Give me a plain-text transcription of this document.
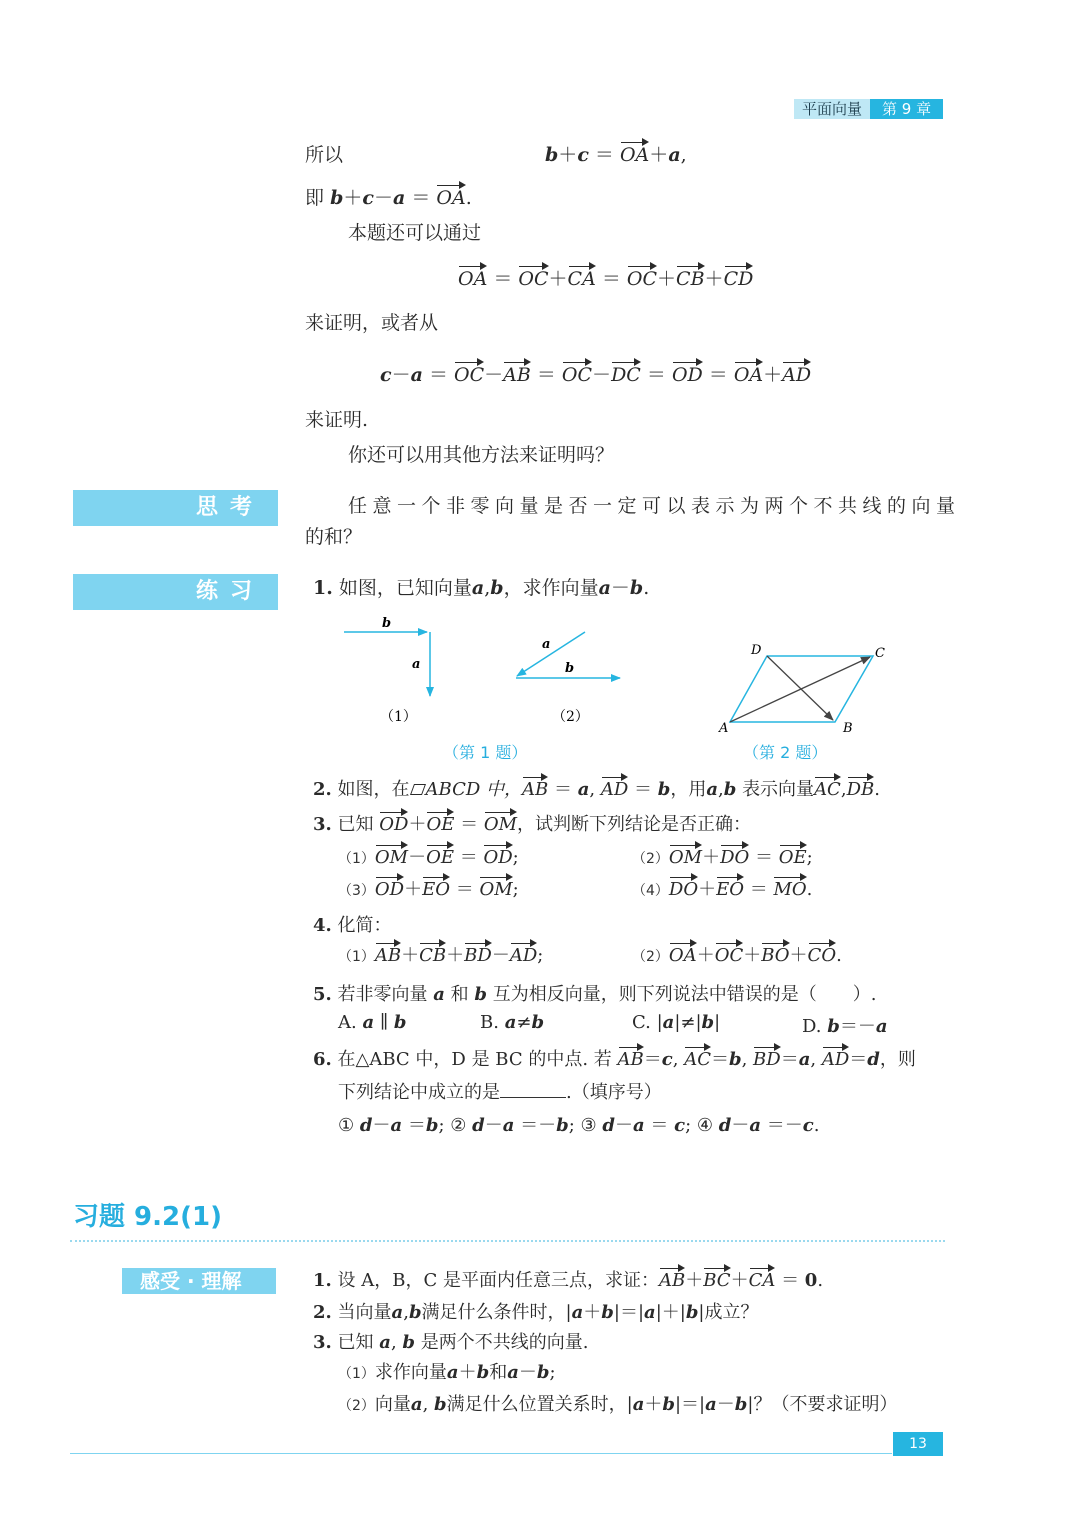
平面向量 第 9 章
所以	b＋c ＝ OA＋a,
即 b＋c－a ＝ OA.
本题还可以通过
OA ＝ OC＋CA ＝ OC＋CB＋CD
来证明，或者从
c－a ＝ OC－AB ＝ OC－DC ＝ OD ＝ OA＋AD
来证明.
你还可以用其他方法来证明吗？
思考	任意一个非零向量是否一定可以表示为两个不共线的向量
的和？
练习	1. 如图，已知向量a,b，求作向量a－b.
b
a
（1）
a
b
（2）
D	C
A	B
（第 1 题）	（第 2 题）
2. 如图，在 ABCD 中，AB ＝ a, AD ＝ b，用a,b 表示向量AC,DB.
3. 已知 OD＋OE ＝ OM，试判断下列结论是否正确：
（1）OM－OE ＝ OD;	（2）OM＋DO ＝ OE;
（3）OD＋EO ＝ OM;	（4）DO＋EO ＝ MO.
4. 化简：
（1）AB＋CB＋BD－AD;	（2）OA＋OC＋BO＋CO.
5. 若非零向量 a 和 b 互为相反向量，则下列说法中错误的是（　　）.
A. a ∥ b	B. a≠b	C. |a|≠|b|	D. b＝－a
6. 在△ABC 中，D 是 BC 的中点. 若 AB＝c, AC＝b, BD＝a, AD＝d，则
下列结论中成立的是	.（填序号）
① d－a ＝b; ② d－a ＝－b; ③ d－a ＝ c; ④ d－a ＝－c.
习题 9.2(1)
感受 · 理解	1. 设 A，B，C 是平面内任意三点，求证：AB＋BC＋CA ＝ 0.
2. 当向量a,b满足什么条件时，|a＋b|＝|a|＋|b|成立？
3. 已知 a, b 是两个不共线的向量.
（1）求作向量a＋b和a－b;
（2）向量a, b满足什么位置关系时，|a＋b|＝|a－b|？（不要求证明）
13
